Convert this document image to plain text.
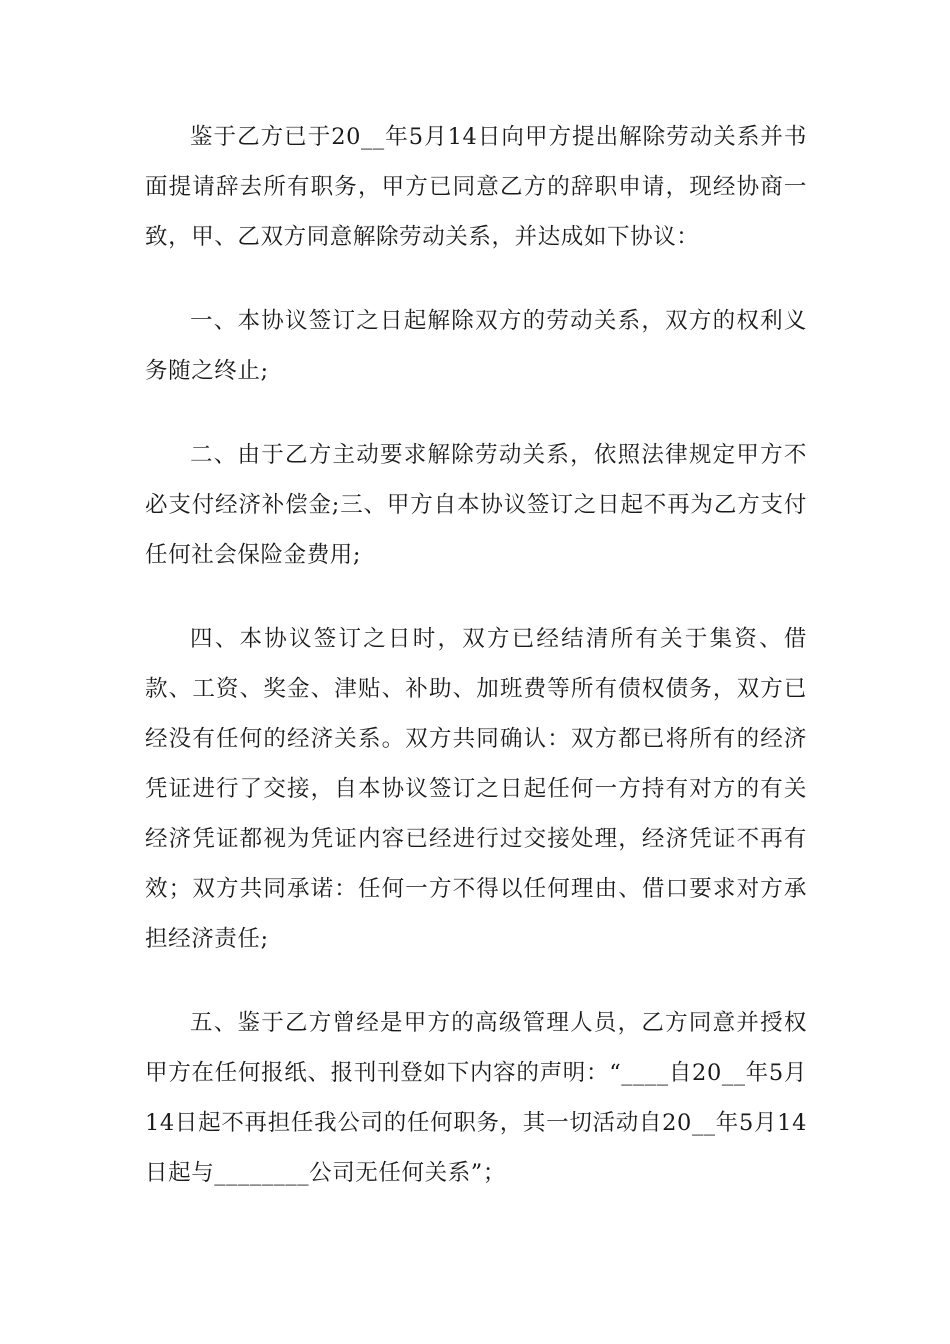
鉴于乙方已于20__年5月14日向甲方提出解除劳动关系并书面提请辞去所有职务，甲方已同意乙方的辞职申请，现经协商一致，甲、乙双方同意解除劳动关系，并达成如下协议：

一、本协议签订之日起解除双方的劳动关系，双方的权利义务随之终止;

二、由于乙方主动要求解除劳动关系，依照法律规定甲方不必支付经济补偿金;三、甲方自本协议签订之日起不再为乙方支付任何社会保险金费用;

四、本协议签订之日时，双方已经结清所有关于集资、借款、工资、奖金、津贴、补助、加班费等所有债权债务，双方已经没有任何的经济关系。双方共同确认：双方都已将所有的经济凭证进行了交接，自本协议签订之日起任何一方持有对方的有关经济凭证都视为凭证内容已经进行过交接处理，经济凭证不再有效；双方共同承诺：任何一方不得以任何理由、借口要求对方承担经济责任;

五、鉴于乙方曾经是甲方的高级管理人员，乙方同意并授权甲方在任何报纸、报刊刊登如下内容的声明：“____自20__年5月14日起不再担任我公司的任何职务，其一切活动自20__年5月14日起与________公司无任何关系”；
